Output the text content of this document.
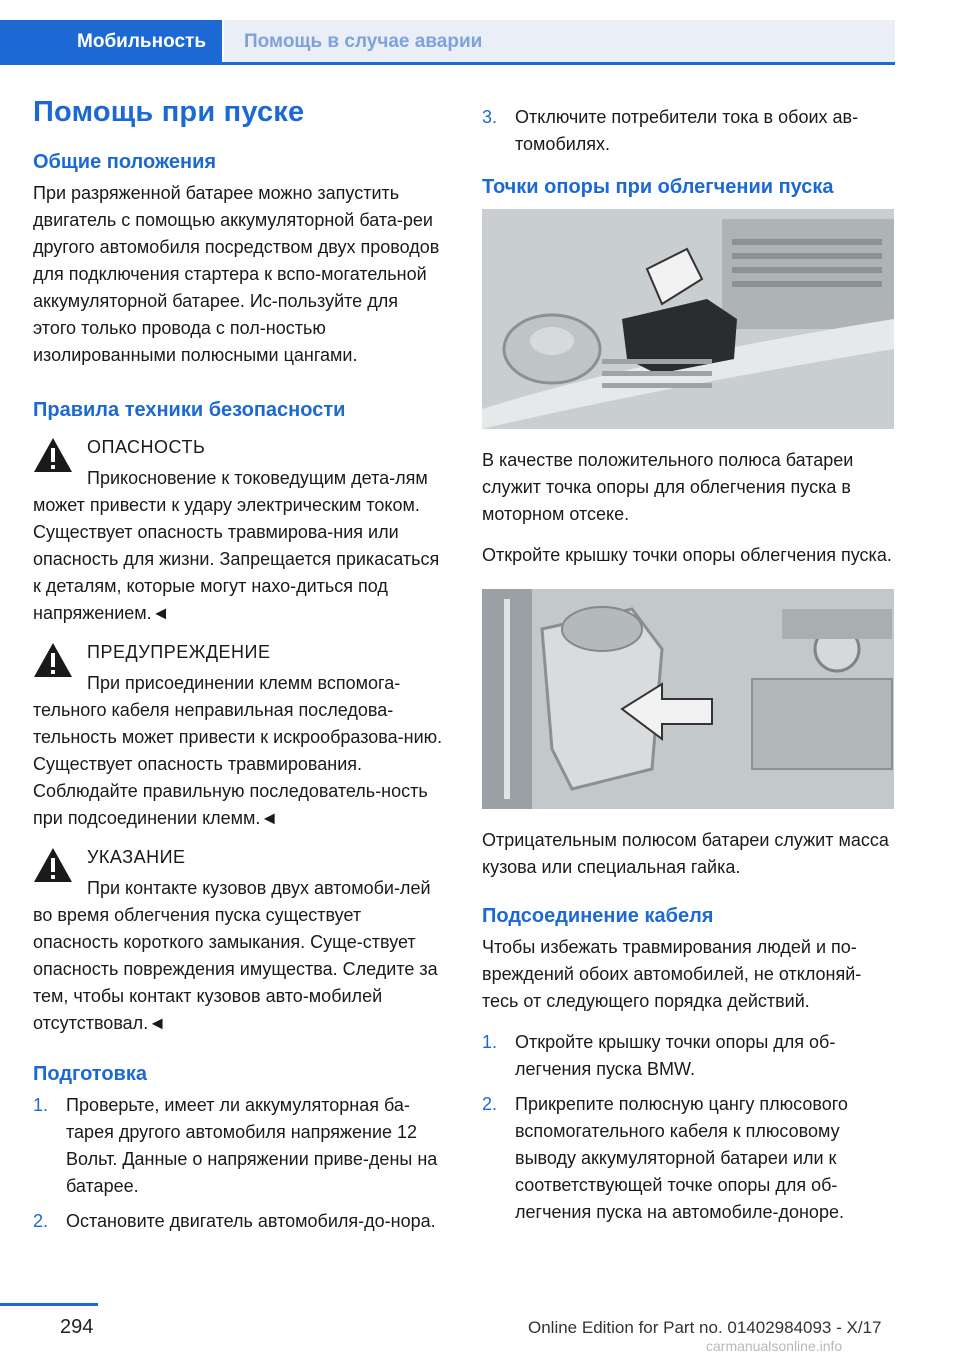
Мобильность	Помощь в случае аварии
Помощь при пуске
Общие положения

При разряженной батарее можно запустить двигатель с помощью аккумуляторной бата-реи другого автомобиля посредством двух проводов для подключения стартера к вспо-могательной аккумуляторной батарее. Ис-пользуйте для этого только провода с пол-ностью изолированными полюсными цангами.

Правила техники безопасности
ОПАСНОСТЬ
Прикосновение к токоведущим дета-лям может привести к удару электрическим током. Существует опасность травмирова-ния или опасность для жизни. Запрещается прикасаться к деталям, которые могут нахо-диться под напряжением.◄
ПРЕДУПРЕЖДЕНИЕ
При присоединении клемм вспомога-тельного кабеля неправильная последова-тельность может привести к искрообразова-нию. Существует опасность травмирования. Соблюдайте правильную последователь-ность при подсоединении клемм.◄
УКАЗАНИЕ
При контакте кузовов двух автомоби-лей во время облегчения пуска существует опасность короткого замыкания. Суще-ствует опасность повреждения имущества. Следите за тем, чтобы контакт кузовов авто-мобилей отсутствовал.◄
Подготовка
1. Проверьте, имеет ли аккумуляторная ба-тарея другого автомобиля напряжение 12 Вольт. Данные о напряжении приве-дены на батарее.
2. Остановите двигатель автомобиля-до-нора.
3. Отключите потребители тока в обоих ав-томобилях.
Точки опоры при облегчении пуска

В качестве положительного полюса батареи служит точка опоры для облегчения пуска в моторном отсеке.

Откройте крышку точки опоры облегчения пуска.

Отрицательным полюсом батареи служит масса кузова или специальная гайка.

Подсоединение кабеля

Чтобы избежать травмирования людей и по-вреждений обоих автомобилей, не отклоняй-тесь от следующего порядка действий.

1. Откройте крышку точки опоры для об-легчения пуска BMW.
2. Прикрепите полюсную цангу плюсового вспомогательного кабеля к плюсовому выводу аккумуляторной батареи или к соответствующей точке опоры для об-легчения пуска на автомобиле-доноре.
294	Online Edition for Part no. 01402984093 - X/17
carmanualsonline.info
